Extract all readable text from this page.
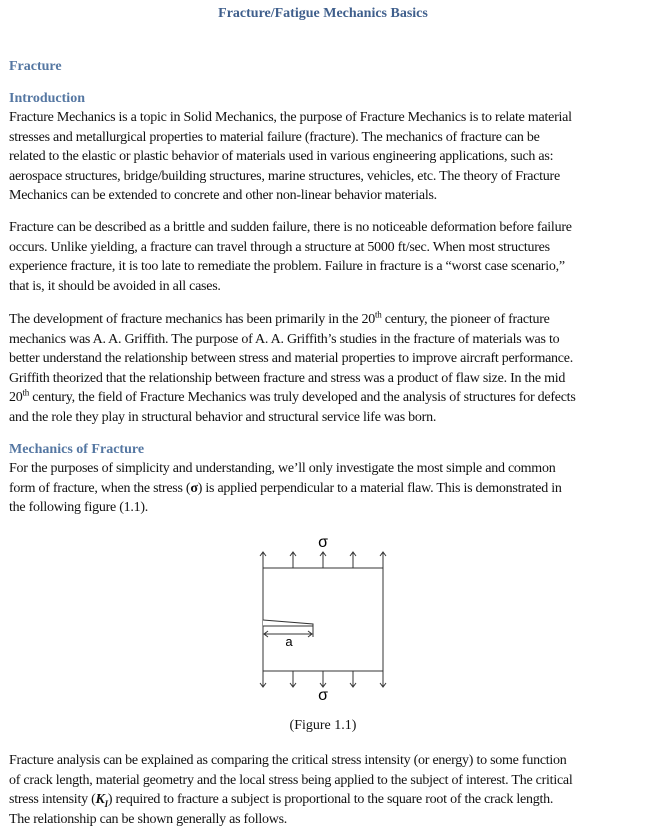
Fracture/Fatigue Mechanics Basics
Fracture
Introduction
Fracture Mechanics is a topic in Solid Mechanics, the purpose of Fracture Mechanics is to relate material
stresses and metallurgical properties to material failure (fracture). The mechanics of fracture can be
related to the elastic or plastic behavior of materials used in various engineering applications, such as:
aerospace structures, bridge/building structures, marine structures, vehicles, etc. The theory of Fracture
Mechanics can be extended to concrete and other non-linear behavior materials.
Fracture can be described as a brittle and sudden failure, there is no noticeable deformation before failure
occurs. Unlike yielding, a fracture can travel through a structure at 5000 ft/sec. When most structures
experience fracture, it is too late to remediate the problem. Failure in fracture is a “worst case scenario,”
that is, it should be avoided in all cases.
The development of fracture mechanics has been primarily in the 20th century, the pioneer of fracture
mechanics was A. A. Griffith. The purpose of A. A. Griffith’s studies in the fracture of materials was to
better understand the relationship between stress and material properties to improve aircraft performance.
Griffith theorized that the relationship between fracture and stress was a product of flaw size. In the mid
20th century, the field of Fracture Mechanics was truly developed and the analysis of structures for defects
and the role they play in structural behavior and structural service life was born.
Mechanics of Fracture
For the purposes of simplicity and understanding, we’ll only investigate the most simple and common
form of fracture, when the stress (σ) is applied perpendicular to a material flaw. This is demonstrated in
the following figure (1.1).
σ
σ
a
(Figure 1.1)
Fracture analysis can be explained as comparing the critical stress intensity (or energy) to some function
of crack length, material geometry and the local stress being applied to the subject of interest. The critical
stress intensity $(K_I)$ required to fracture a subject is proportional to the square root of the crack length.
The relationship can be shown generally as follows.
